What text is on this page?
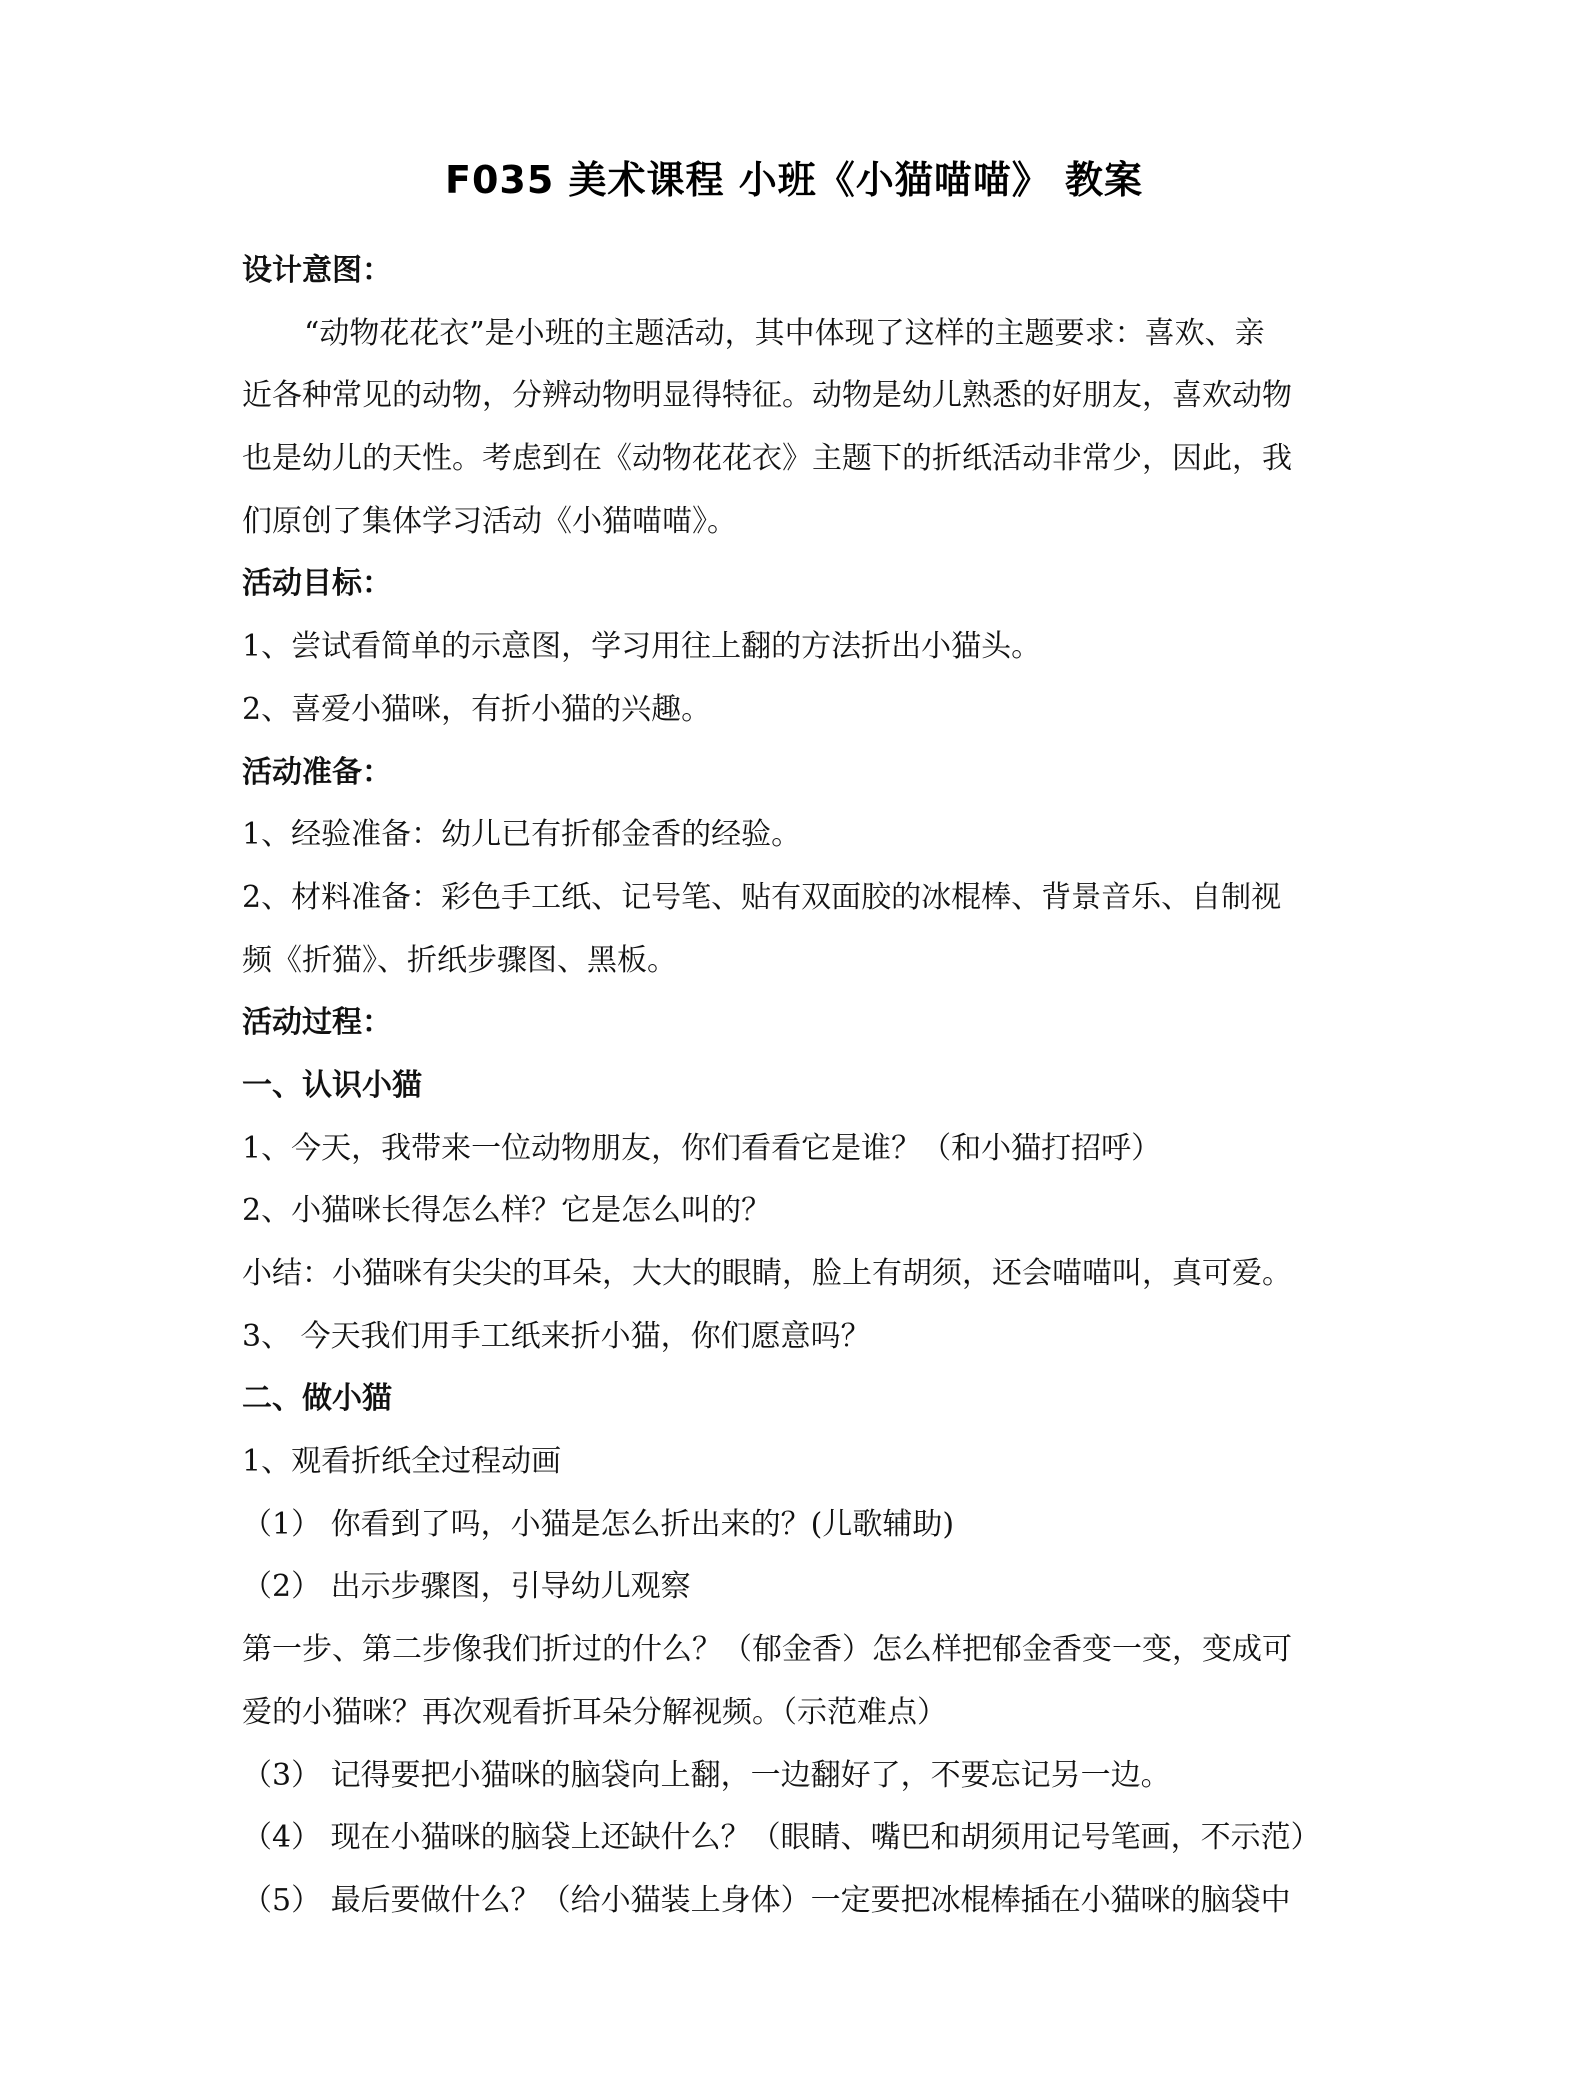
F035 美术课程 小班《小猫喵喵》 教案
设计意图：
“动物花花衣”是小班的主题活动，其中体现了这样的主题要求：喜欢、亲
近各种常见的动物，分辨动物明显得特征。动物是幼儿熟悉的好朋友，喜欢动物
也是幼儿的天性。考虑到在《动物花花衣》主题下的折纸活动非常少，因此，我
们原创了集体学习活动《小猫喵喵》。
活动目标：
1、尝试看简单的示意图，学习用往上翻的方法折出小猫头。
2、喜爱小猫咪，有折小猫的兴趣。
活动准备：
1、经验准备：幼儿已有折郁金香的经验。
2、材料准备：彩色手工纸、记号笔、贴有双面胶的冰棍棒、背景音乐、自制视
频《折猫》、折纸步骤图、黑板。
活动过程：
一、认识小猫
1、今天，我带来一位动物朋友，你们看看它是谁？（和小猫打招呼）
2、小猫咪长得怎么样？它是怎么叫的？
小结：小猫咪有尖尖的耳朵，大大的眼睛，脸上有胡须，还会喵喵叫，真可爱。
3、 今天我们用手工纸来折小猫，你们愿意吗？
二、做小猫
1、观看折纸全过程动画
（1） 你看到了吗，小猫是怎么折出来的？(儿歌辅助)
（2） 出示步骤图，引导幼儿观察
第一步、第二步像我们折过的什么？（郁金香）怎么样把郁金香变一变，变成可
爱的小猫咪？再次观看折耳朵分解视频。（示范难点）
（3） 记得要把小猫咪的脑袋向上翻，一边翻好了，不要忘记另一边。
（4） 现在小猫咪的脑袋上还缺什么？（眼睛、嘴巴和胡须用记号笔画，不示范）
（5） 最后要做什么？（给小猫装上身体）一定要把冰棍棒插在小猫咪的脑袋中
